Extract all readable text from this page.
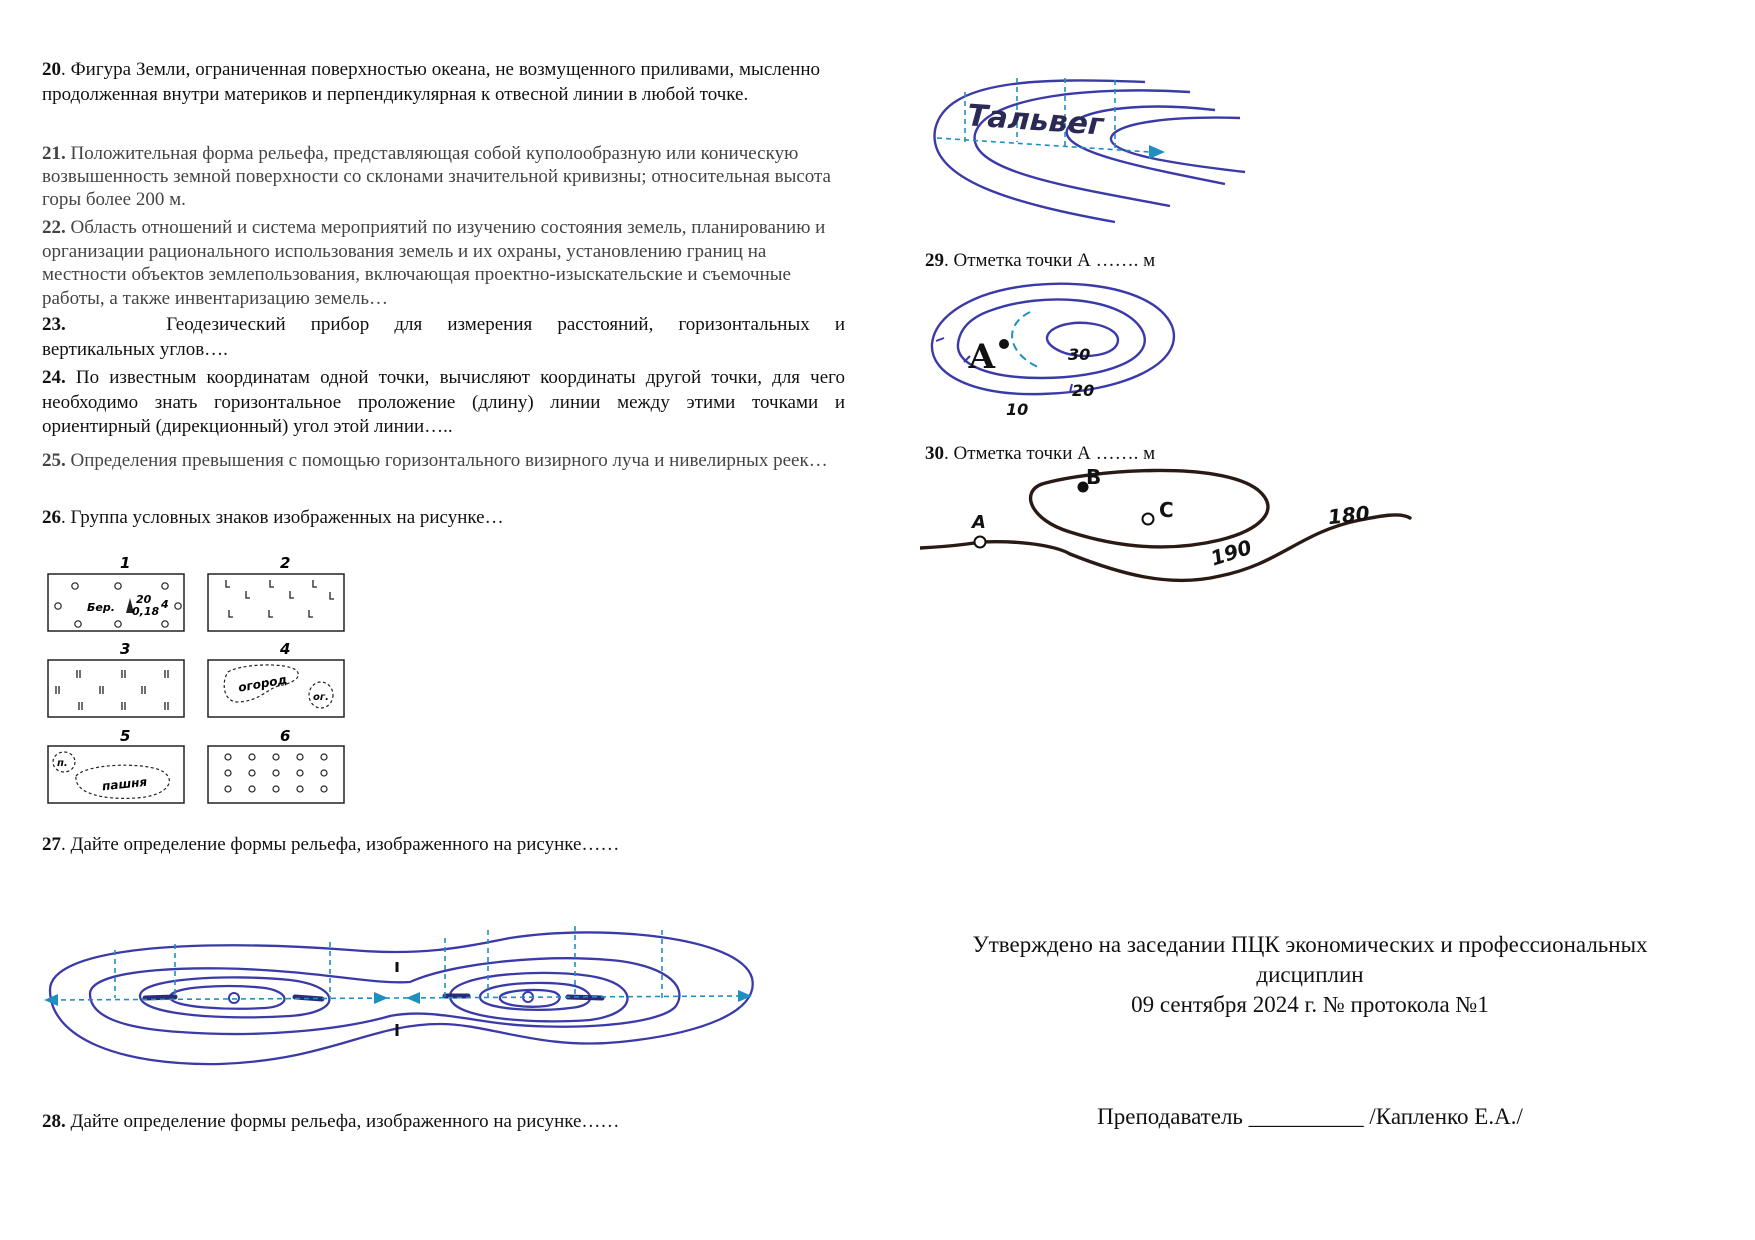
20. Фигура Земли, ограниченная поверхностью океана, не возмущенного приливами, мысленно продолженная внутри материков и перпендикулярная к отвесной линии в любой точке.
21. Положительная форма рельефа, представляющая собой куполообразную или коническую возвышенность земной поверхности со склонами значительной кривизны; относительная высота горы более 200 м.
22. Область отношений и система мероприятий по изучению состояния земель, планированию и организации рационального использования земель и их охраны, установлению границ на местности объектов землепользования, включающая проектно-изыскательские и съемочные работы, а также инвентаризацию земель…
23.	Геодезический прибор для измерения расстояний, горизонтальных и
вертикальных углов….
24. По известным координатам одной точки, вычисляют координаты другой точки, для чего необходимо знать горизонтальное проложение (длину) линии между этими точками и ориентирный (дирекционный) угол этой линии…..
25. Определения превышения с помощью горизонтального визирного луча и нивелирных реек…
26. Группа условных знаков изображенных на рисунке…
1	2
3	4
5	6
Бер.
20
0,18
4
огород
ог.
п.
пашня
27. Дайте определение формы рельефа, изображенного на рисунке……
28. Дайте определение формы рельефа, изображенного на рисунке……
Тальвег
29. Отметка точки А ……. м
А	30
20
10
30. Отметка точки А ……. м
А
В
С
190
180
Утверждено на заседании ПЦК экономических и профессиональных
дисциплин
09 сентября 2024 г. № протокола №1
Преподаватель __________ /Капленко Е.А./
